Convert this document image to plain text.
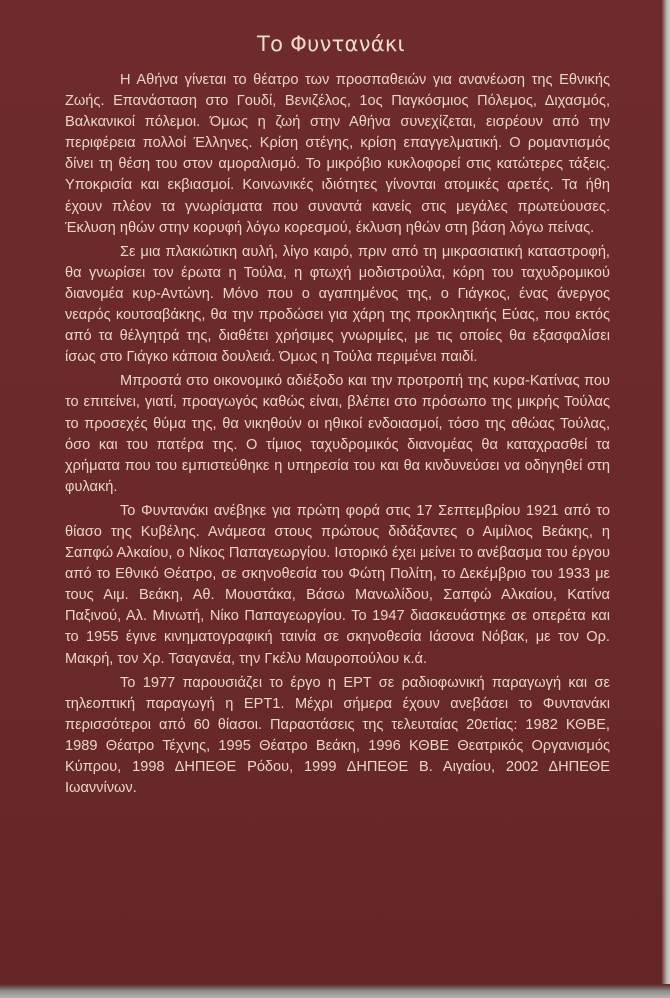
Το Φυντανάκι

Η Αθήνα γίνεται το θέατρο των προσπαθειών για ανανέωση της Εθνικής Ζωής. Επανάσταση στο Γουδί, Βενιζέλος, 1ος Παγκόσμιος Πόλεμος, Διχασμός, Βαλκανικοί πόλεμοι. Όμως η ζωή στην Αθήνα συνεχίζεται, εισρέουν από την περιφέρεια πολλοί Έλληνες. Κρίση στέγης, κρίση επαγγελματική. Ο ρομαντισμός δίνει τη θέση του στον αμοραλισμό. Το μικρόβιο κυκλοφορεί στις κατώτερες τάξεις. Υποκρισία και εκβιασμοί. Κοινωνικές ιδιότητες γίνονται ατομικές αρετές. Τα ήθη έχουν πλέον τα γνωρίσματα που συναντά κανείς στις μεγάλες πρωτεύουσες. Έκλυση ηθών στην κορυφή λόγω κορεσμού, έκλυση ηθών στη βάση λόγω πείνας.

Σε μια πλακιώτικη αυλή, λίγο καιρό, πριν από τη μικρασιατική καταστροφή, θα γνωρίσει τον έρωτα η Τούλα, η φτωχή μοδιστρούλα, κόρη του ταχυδρομικού διανομέα κυρ-Αντώνη. Μόνο που ο αγαπημένος της, ο Γιάγκος, ένας άνεργος νεαρός κουτσαβάκης, θα την προδώσει για χάρη της προκλητικής Εύας, που εκτός από τα θέλγητρά της, διαθέτει χρήσιμες γνωριμίες, με τις οποίες θα εξασφαλίσει ίσως στο Γιάγκο κάποια δουλειά. Όμως η Τούλα περιμένει παιδί.

Μπροστά στο οικονομικό αδιέξοδο και την προτροπή της κυρα-Κατίνας που το επιτείνει, γιατί, προαγωγός καθώς είναι, βλέπει στο πρόσωπο της μικρής Τούλας το προσεχές θύμα της, θα νικηθούν οι ηθικοί ενδοιασμοί, τόσο της αθώας Τούλας, όσο και του πατέρα της. Ο τίμιος ταχυδρομικός διανομέας θα καταχρασθεί τα χρήματα που του εμπιστεύθηκε η υπηρεσία του και θα κινδυνεύσει να οδηγηθεί στη φυλακή.

Το Φυντανάκι ανέβηκε για πρώτη φορά στις 17 Σεπτεμβρίου 1921 από το θίασο της Κυβέλης. Ανάμεσα στους πρώτους διδάξαντες ο Αιμίλιος Βεάκης, η Σαπφώ Αλκαίου, ο Νίκος Παπαγεωργίου. Ιστορικό έχει μείνει το ανέβασμα του έργου από το Εθνικό Θέατρο, σε σκηνοθεσία του Φώτη Πολίτη, το Δεκέμβριο του 1933 με τους Αιμ. Βεάκη, Αθ. Μουστάκα, Βάσω Μανωλίδου, Σαπφώ Αλκαίου, Κατίνα Παξινού, Αλ. Μινωτή, Νίκο Παπαγεωργίου. Το 1947 διασκευάστηκε σε οπερέτα και το 1955 έγινε κινηματογραφική ταινία σε σκηνοθεσία Ιάσονα Νόβακ, με τον Ορ. Μακρή, τον Χρ. Τσαγανέα, την Γκέλυ Μαυροπούλου κ.ά.

Το 1977 παρουσιάζει το έργο η ΕΡΤ σε ραδιοφωνική παραγωγή και σε τηλεοπτική παραγωγή η ΕΡΤ1. Μέχρι σήμερα έχουν ανεβάσει το Φυντανάκι περισσότεροι από 60 θίασοι. Παραστάσεις της τελευταίας 20ετίας: 1982 ΚΘΒΕ, 1989 Θέατρο Τέχνης, 1995 Θέατρο Βεάκη, 1996 ΚΘΒΕ Θεατρικός Οργανισμός Κύπρου, 1998 ΔΗΠΕΘΕ Ρόδου, 1999 ΔΗΠΕΘΕ Β. Αιγαίου, 2002 ΔΗΠΕΘΕ Ιωαννίνων.
